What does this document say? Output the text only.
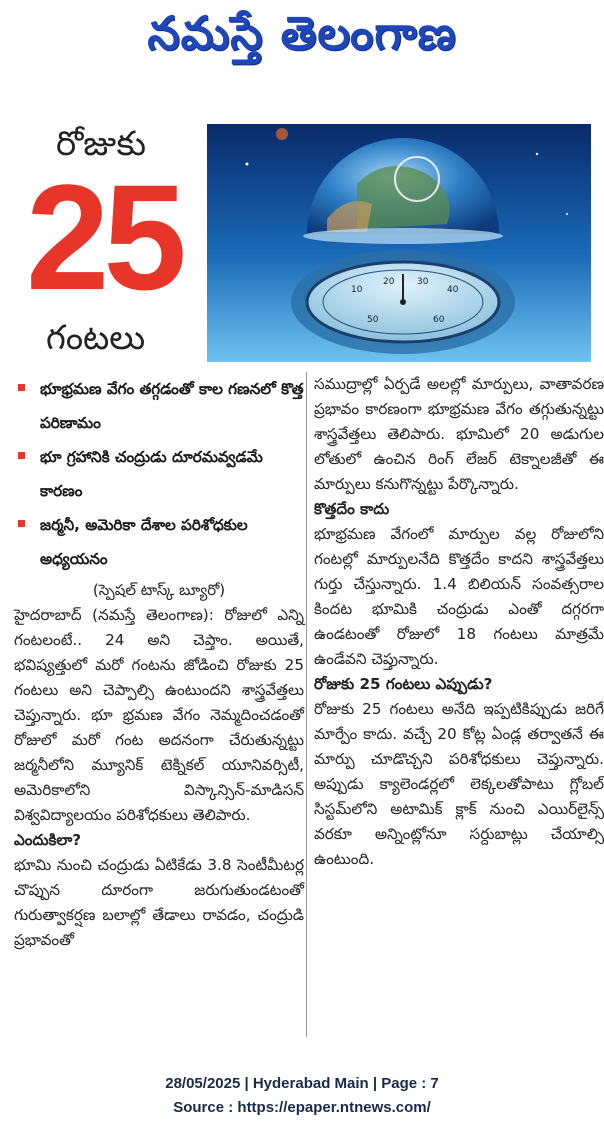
నమస్తే తెలంగాణ
రోజుకు
25
గంటలు
10
20	30
40
50	60
భూభ్రమణ వేగం తగ్గడంతో కాల గణనలో కొత్త పరిణామం
భూ గ్రహానికి చంద్రుడు దూరమవ్వడమే కారణం
జర్మనీ, అమెరికా దేశాల పరిశోధకుల అధ్యయనం

(స్పెషల్ టాస్క్ బ్యూరో)

హైదరాబాద్ (నమస్తే తెలంగాణ): రోజులో ఎన్ని గంటలంటే.. 24 అని చెప్తాం. అయితే, భవిష్యత్తులో మరో గంటను జోడించి రోజుకు 25 గంటలు అని చెప్పాల్సి ఉంటుందని శాస్త్రవేత్తలు చెప్తున్నారు. భూ భ్రమణ వేగం నెమ్మదించడంతో రోజులో మరో గంట అదనంగా చేరుతున్నట్టు జర్మనీలోని మ్యూనిక్ టెక్నికల్ యూనివర్సిటీ, అమెరికాలోని విస్కాన్సిన్-మాడిసన్ విశ్వవిద్యాలయం పరిశోధకులు తెలిపారు.

ఎందుకిలా?

భూమి నుంచి చంద్రుడు ఏటికేడు 3.8 సెంటీమీటర్ల చొప్పున దూరంగా జరుగుతుండటంతో గురుత్వాకర్షణ బలాల్లో తేడాలు రావడం, చంద్రుడి ప్రభావంతో

సముద్రాల్లో ఏర్పడే అలల్లో మార్పులు, వాతావరణ ప్రభావం కారణంగా భూభ్రమణ వేగం తగ్గుతున్నట్టు శాస్త్రవేత్తలు తెలిపారు. భూమిలో 20 అడుగుల లోతులో ఉంచిన రింగ్ లేజర్ టెక్నాలజీతో ఈ మార్పులు కనుగొన్నట్టు పేర్కొన్నారు.

కొత్తదేం కాదు

భూభ్రమణ వేగంలో మార్పుల వల్ల రోజులోని గంటల్లో మార్పులనేది కొత్తదేం కాదని శాస్త్రవేత్తలు గుర్తు చేస్తున్నారు. 1.4 బిలియన్ సంవత్సరాల కిందట భూమికి చంద్రుడు ఎంతో దగ్గరగా ఉండటంతో రోజులో 18 గంటలు మాత్రమే ఉండేవని చెప్తున్నారు.

రోజుకు 25 గంటలు ఎప్పుడు?

రోజుకు 25 గంటలు అనేది ఇప్పటికిప్పుడు జరిగే మార్పేం కాదు. వచ్చే 20 కోట్ల ఏండ్ల తర్వాతనే ఈ మార్పు చూడొచ్చని పరిశోధకులు చెప్తున్నారు. అప్పుడు క్యాలెండర్లలో లెక్కలతోపాటు గ్లోబల్ సిస్టమ్‌లోని అటామిక్ క్లాక్ నుంచి ఎయిర్‌లైన్స్ వరకూ అన్నింట్లోనూ సర్దుబాట్లు చేయాల్సి ఉంటుంది.

28/05/2025 | Hyderabad Main | Page : 7
Source : https://epaper.ntnews.com/
